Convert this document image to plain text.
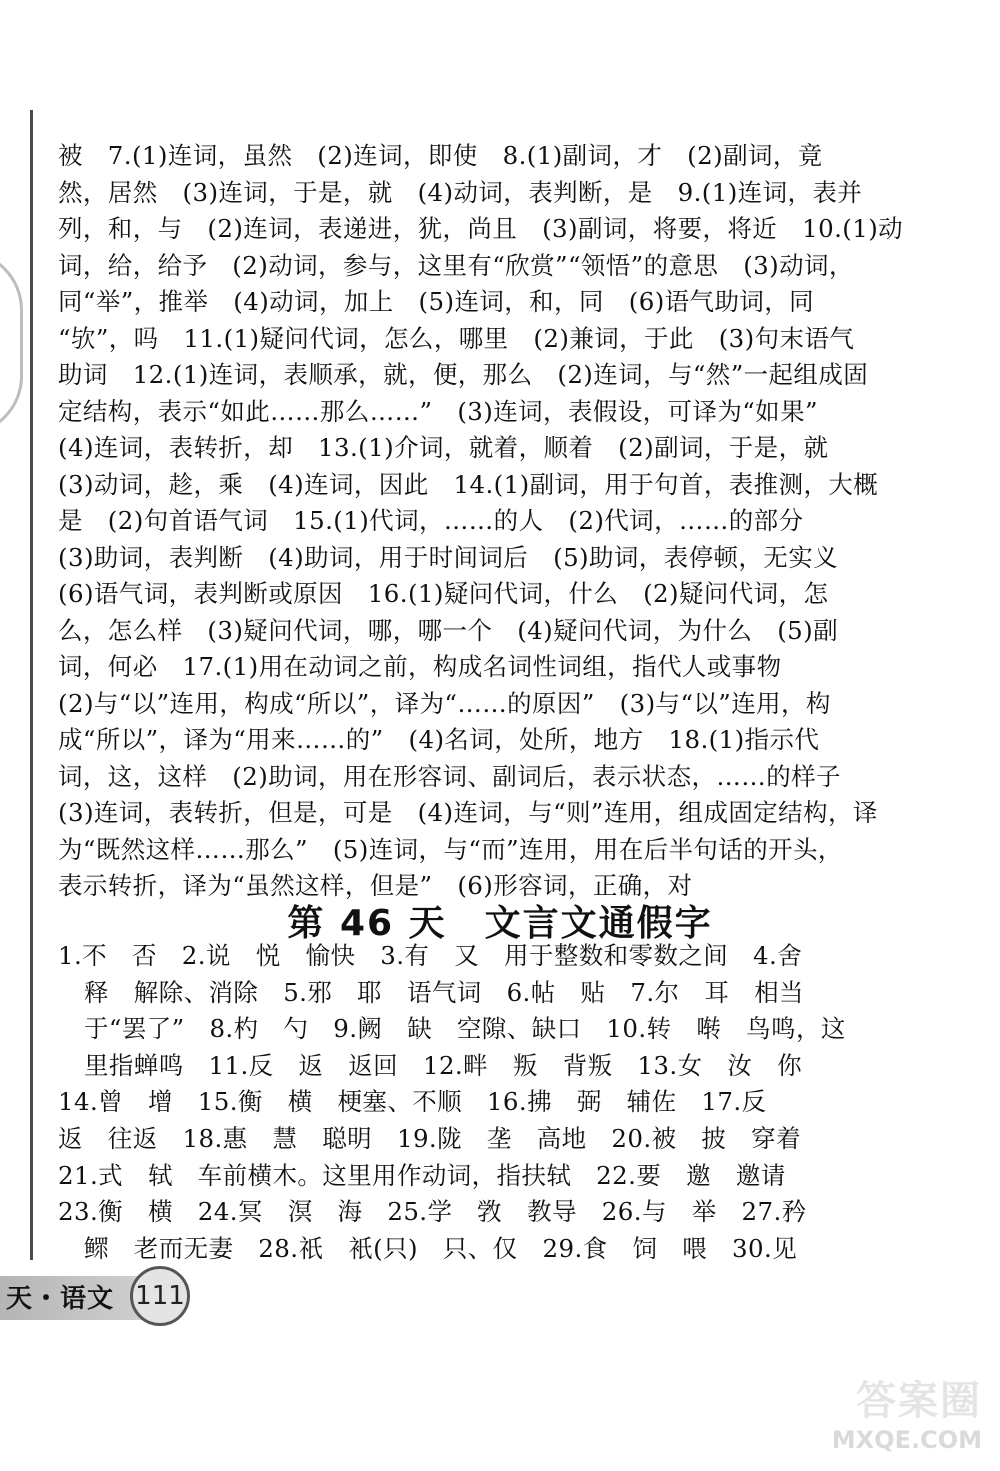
被　7.(1)连词，虽然　(2)连词，即使　8.(1)副词，才　(2)副词，竟
然，居然　(3)连词，于是，就　(4)动词，表判断，是　9.(1)连词，表并
列，和，与　(2)连词，表递进，犹，尚且　(3)副词，将要，将近　10.(1)动
词，给，给予　(2)动词，参与，这里有“欣赏”“领悟”的意思　(3)动词，
同“举”，推举　(4)动词，加上　(5)连词，和，同　(6)语气助词，同
“欤”，吗　11.(1)疑问代词，怎么，哪里　(2)兼词，于此　(3)句末语气
助词　12.(1)连词，表顺承，就，便，那么　(2)连词，与“然”一起组成固
定结构，表示“如此……那么……”　(3)连词，表假设，可译为“如果”
(4)连词，表转折，却　13.(1)介词，就着，顺着　(2)副词，于是，就
(3)动词，趁，乘　(4)连词，因此　14.(1)副词，用于句首，表推测，大概
是　(2)句首语气词　15.(1)代词，……的人　(2)代词，……的部分
(3)助词，表判断　(4)助词，用于时间词后　(5)助词，表停顿，无实义
(6)语气词，表判断或原因　16.(1)疑问代词，什么　(2)疑问代词，怎
么，怎么样　(3)疑问代词，哪，哪一个　(4)疑问代词，为什么　(5)副
词，何必　17.(1)用在动词之前，构成名词性词组，指代人或事物
(2)与“以”连用，构成“所以”，译为“……的原因”　(3)与“以”连用，构
成“所以”，译为“用来……的”　(4)名词，处所，地方　18.(1)指示代
词，这，这样　(2)助词，用在形容词、副词后，表示状态，……的样子
(3)连词，表转折，但是，可是　(4)连词，与“则”连用，组成固定结构，译
为“既然这样……那么”　(5)连词，与“而”连用，用在后半句话的开头，
表示转折，译为“虽然这样，但是”　(6)形容词，正确，对
第 46 天　文言文通假字
1.不　否　2.说　悦　愉快　3.有　又　用于整数和零数之间　4.舍
释　解除、消除　5.邪　耶　语气词　6.帖　贴　7.尔　耳　相当
于“罢了”　8.杓　勺　9.阙　缺　空隙、缺口　10.转　啭　鸟鸣，这
里指蝉鸣　11.反　返　返回　12.畔　叛　背叛　13.女　汝　你
14.曾　增　15.衡　横　梗塞、不顺　16.拂　弼　辅佐　17.反
返　往返　18.惠　慧　聪明　19.陇　垄　高地　20.被　披　穿着
21.式　轼　车前横木。这里用作动词，指扶轼　22.要　邀　邀请
23.衡　横　24.冥　溟　海　25.学　敩　教导　26.与　举　27.矜
鳏　老而无妻　28.祇　衹(只)　只、仅　29.食　饲　喂　30.见
天・语文 111
答案圈
MXQE.COM
